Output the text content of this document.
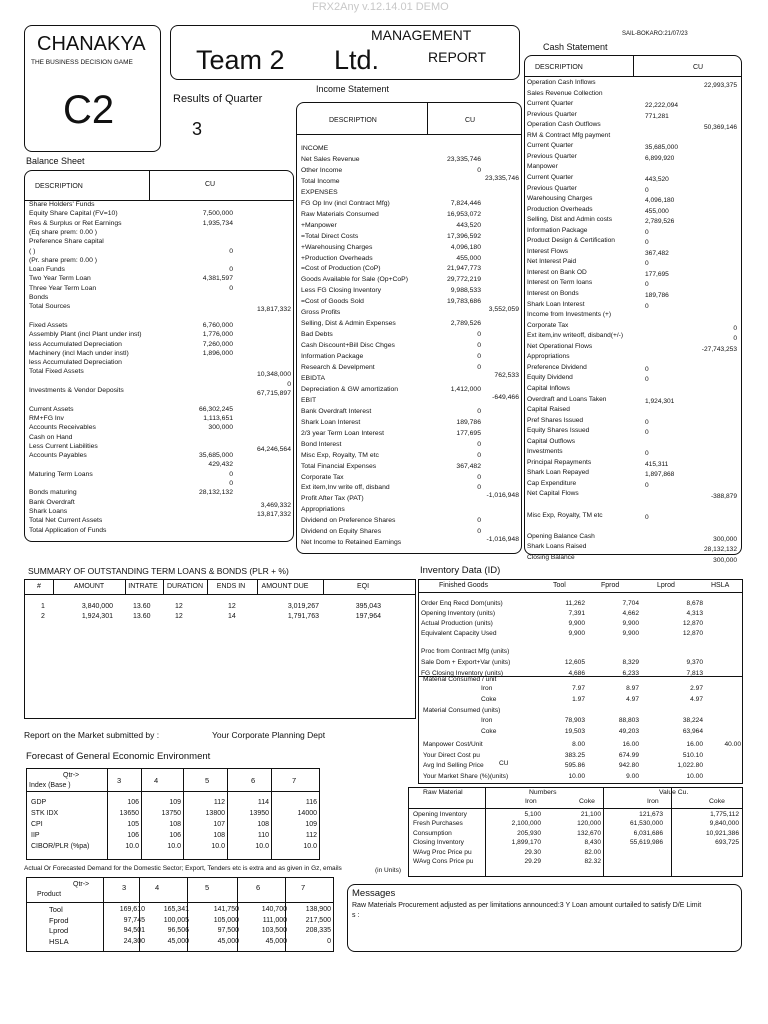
FRX2Any v.12.14.01 DEMO
SAIL-BOKARO:21/07/23
CHANAKYA
THE BUSINESS DECISION GAME
C2
Team 2 Ltd.
MANAGEMENT
REPORT
Results of Quarter
3
Balance Sheet
DESCRIPTION	CU
Share Holders' Funds
Equity Share Capital (FV=10)	7,500,000
Res & Surplus or Ret Earnings	1,935,734
(Eq share prem: 0.00 )
Preference Share capital
( )	0
(Pr. share prem: 0.00 )
Loan Funds	0
Two Year Term Loan	4,381,597
Three Year Term Loan	0
Bonds
Total Sources	13,817,332
Fixed Assets	6,760,000
Assembly Plant (incl Plant under inst)	1,776,000
less Accumulated Depreciation	7,260,000
Machinery (incl Mach under instl)	1,896,000
less Accumulated Depreciation
Total Fixed Assets	10,348,000
0
Investments & Vendor Deposits	67,715,897
Current Assets	66,302,245
RM+FG Inv	1,113,651
Accounts Receivables	300,000
Cash on Hand
Less Current Liabilities	64,246,564
Accounts Payables	35,685,000
429,432
Maturing Term Loans	0
0
Bonds maturing	28,132,132
Bank Overdraft	3,469,332
Shark Loans	13,817,332
Total Net Current Assets
Total Application of Funds
Income Statement
DESCRIPTION	CU
INCOME
Net Sales Revenue	23,335,746
Other Income	0
Total Income	23,335,746
EXPENSES
FG Op Inv (incl Contract Mfg)	7,824,446
Raw Materials Consumed	16,953,072
+Manpower	443,520
=Total Direct Costs	17,396,592
+Warehousing Charges	4,096,180
+Production Overheads	455,000
=Cost of Production (CoP)	21,947,773
Goods Available for Sale (Op+CoP)	29,772,219
Less FG Closing Inventory	9,988,533
=Cost of Goods Sold	19,783,686
Gross Profits	3,552,059
Selling, Dist & Admin Expenses	2,789,526
Bad Debts	0
Cash Discount+Bill Disc Chges	0
Information Package	0
Research & Develpment	0
EBIDTA	762,533
Depreciation & GW amortization	1,412,000
EBIT	-649,466
Bank Overdraft Interest	0
Shark Loan Interest	189,786
2/3 year Term Loan Interest	177,695
Bond Interest	0
Misc Exp, Royalty, TM etc	0
Total Financial Expenses	367,482
Corporate Tax	0
Ext item,Inv write off, disband	0
Profit After Tax (PAT)	-1,016,948
Appropriations
Dividend on Preference Shares	0
Dividend on Equity Shares	0
Net Income to Retained Earnings	-1,016,948
Cash Statement
DESCRIPTION	CU
Operation Cash Inflows	22,993,375
Sales Revenue Collection
Current Quarter	22,222,094
Previous Quarter	771,281
Operation Cash Outflows	50,369,146
RM & Contract Mfg payment
Current Quarter	35,685,000
Previous Quarter	6,899,920
Manpower
Current Quarter	443,520
Previous Quarter	0
Warehousing Charges	4,096,180
Production Overheads	455,000
Selling, Dist and Admin costs	2,789,526
Information Package	0
Product Design & Certification	0
Interest Flows	367,482
Net Interest Paid	0
Interest on Bank OD	177,695
Interest on Term loans	0
Interest on Bonds	189,786
Shark Loan Interest	0
Income from Investments (+)
Corporate Tax	0
Ext item,inv writeoff, disband(+/-)	0
Net Operational Flows	-27,743,253
Appropriations
Preference Dividend	0
Equity Dividend	0
Capital Inflows
Overdraft and Loans Taken	1,924,301
Capital Raised
Pref Shares Issued	0
Equity Shares Issued	0
Capital Outflows
Investments	0
Principal Repayments	415,311
Shark Loan Repayed	1,897,868
Cap Expenditure	0
Net Capital Flows	-388,879
Misc Exp, Royalty, TM etc	0
Opening Balance Cash	300,000
Shark Loans Raised	28,132,132
Closing Balance	300,000
SUMMARY OF OUTSTANDING TERM LOANS & BONDS (PLR + %)
#	AMOUNT	INTRATE	DURATION	ENDS IN	AMOUNT DUE	EQI
1	3,840,000	13.60	12	12	3,019,267	395,043
2	1,924,301	13.60	12	14	1,791,763	197,964
Report on the Market submitted by :	Your Corporate Planning Dept
Forecast of General Economic Environment
Qtr->
Index (Base )
3	4	5	6	7
GDP	106	109	112	114	116
STK IDX	13650	13750	13800	13950	14000
CPI	105	108	107	108	109
IIP	106	106	108	110	112
CIBOR/PLR (%pa)	10.0	10.0	10.0	10.0	10.0
Actual Or Forecasted Demand for the Domestic Sector; Export, Tenders etc is extra and as given in Gz, emails	(in Units)
Qtr->
Product
3	4	5	6	7
Tool	169,610	165,341	141,750	140,700	138,900
Fprod	97,745	100,005	105,000	111,000	217,500
Lprod	94,501	96,506	97,500	103,500	208,335
HSLA	24,300	45,000	45,000	45,000	0
Inventory Data (ID)
Finished Goods	Tool	Fprod	Lprod	HSLA
Order Enq Recd Dom(units)	11,262	7,704	8,678
Opening Inventory (units)	7,391	4,662	4,313
Actual Production (units)	9,900	9,900	12,870
Equivalent Capacity Used	9,900	9,900	12,870
Proc from Contract Mfg (units)
Sale Dom + Export+Var (units)	12,605	8,329	9,370
FG Closing Inventory (units)	4,686	6,233	7,813
Material Consumed / unit
Iron	7.97	8.97	2.97
Coke	1.97	4.97	4.97
Material Consumed (units)
Iron	78,903	88,803	38,224
Coke	19,503	49,203	63,964
Manpower Cost/Unit	8.00	16.00	16.00	40.00
Your Direct Cost pu	383.25	674.99	510.10
Avg Ind Selling Price	595.86	942.80	1,022.80
Your Market Share (%)(units)	10.00	9.00	10.00
CU
Raw Material	Numbers	Value Cu.
Iron	Coke	Iron	Coke
Opening Inventory	5,100	21,100	121,673	1,775,112
Fresh Purchases	2,100,000	120,000	61,530,000	9,840,000
Consumption	205,930	132,670	6,031,686	10,921,386
Closing Inventory	1,899,170	8,430	55,619,986	693,725
WAvg Proc Price pu	29.30	82.00
WAvg Cons Price pu	29.29	82.32
Messages
Raw Materials Procurement adjusted as per limitations announced:3 Y Loan amount curtailed to satisfy D/E Limit
s :
